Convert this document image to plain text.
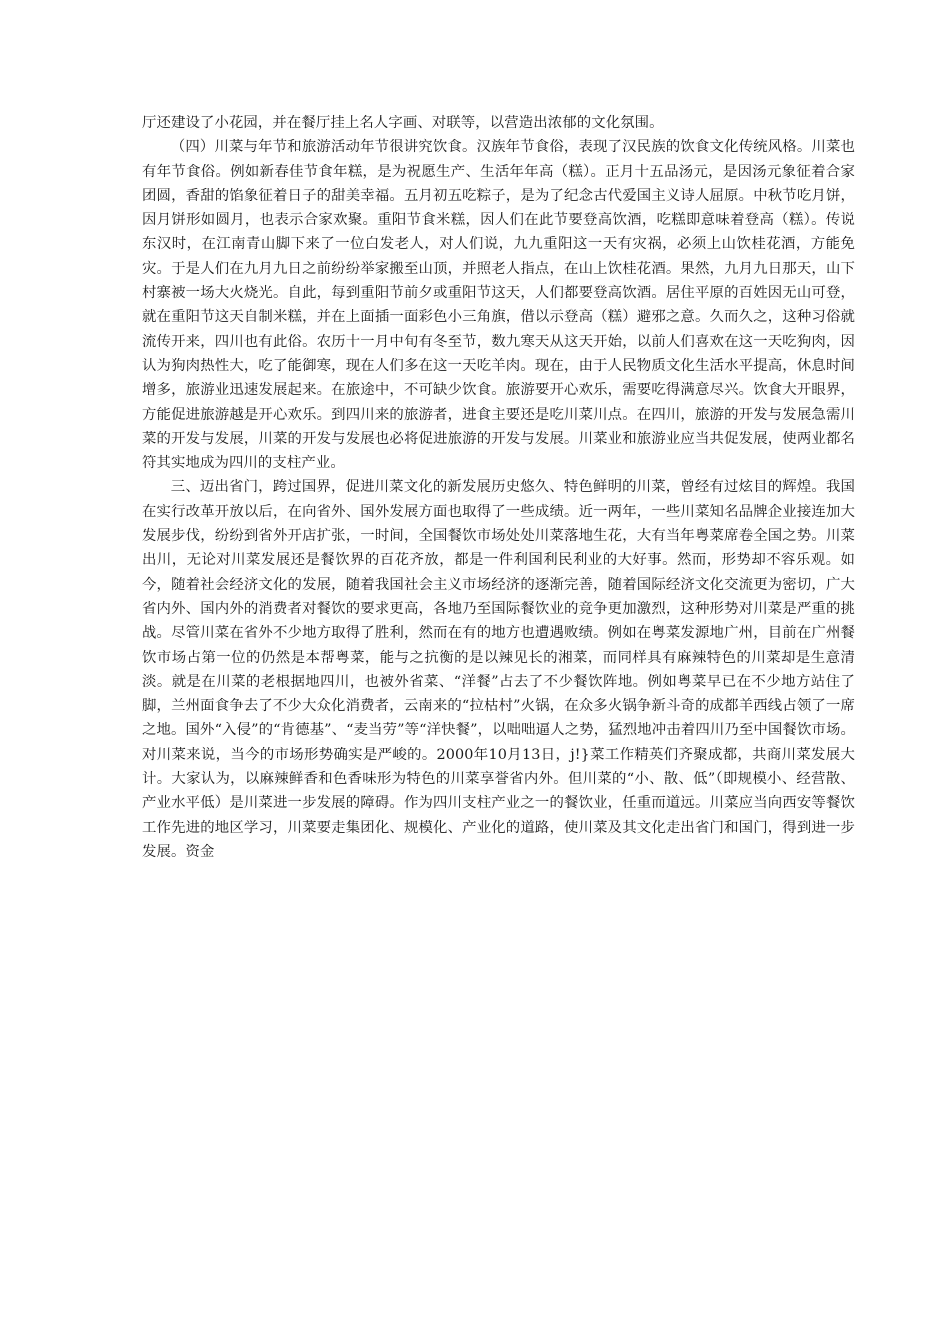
厅还建设了小花园，并在餐厅挂上名人字画、对联等，以营造出浓郁的文化氛围。

（四）川菜与年节和旅游活动年节很讲究饮食。汉族年节食俗，表现了汉民族的饮食文化传统风格。川菜也有年节食俗。例如新春佳节食年糕，是为祝愿生产、生活年年高（糕）。正月十五品汤元，是因汤元象征着合家团圆，香甜的馅象征着日子的甜美幸福。五月初五吃粽子，是为了纪念古代爱国主义诗人屈原。中秋节吃月饼，因月饼形如圆月，也表示合家欢聚。重阳节食米糕，因人们在此节要登高饮酒，吃糕即意味着登高（糕）。传说东汉时，在江南青山脚下来了一位白发老人，对人们说，九九重阳这一天有灾祸，必须上山饮桂花酒，方能免灾。于是人们在九月九日之前纷纷举家搬至山顶，并照老人指点，在山上饮桂花酒。果然，九月九日那天，山下村寨被一场大火烧光。自此，每到重阳节前夕或重阳节这天，人们都要登高饮酒。居住平原的百姓因无山可登，就在重阳节这天自制米糕，并在上面插一面彩色小三角旗，借以示登高（糕）避邪之意。久而久之，这种习俗就流传开来，四川也有此俗。农历十一月中旬有冬至节，数九寒天从这天开始，以前人们喜欢在这一天吃狗肉，因认为狗肉热性大，吃了能御寒，现在人们多在这一天吃羊肉。现在，由于人民物质文化生活水平提高，休息时间增多，旅游业迅速发展起来。在旅途中，不可缺少饮食。旅游要开心欢乐，需要吃得满意尽兴。饮食大开眼界，方能促进旅游越是开心欢乐。到四川来的旅游者，进食主要还是吃川菜川点。在四川，旅游的开发与发展急需川菜的开发与发展，川菜的开发与发展也必将促进旅游的开发与发展。川菜业和旅游业应当共促发展，使两业都名符其实地成为四川的支柱产业。

三、迈出省门，跨过国界，促进川菜文化的新发展历史悠久、特色鲜明的川菜，曾经有过炫目的辉煌。我国在实行改革开放以后，在向省外、国外发展方面也取得了一些成绩。近一两年，一些川菜知名品牌企业接连加大发展步伐，纷纷到省外开店扩张，一时间，全国餐饮市场处处川菜落地生花，大有当年粤菜席卷全国之势。川菜出川，无论对川菜发展还是餐饮界的百花齐放，都是一件利国利民利业的大好事。然而，形势却不容乐观。如今，随着社会经济文化的发展，随着我国社会主义市场经济的逐渐完善，随着国际经济文化交流更为密切，广大省内外、国内外的消费者对餐饮的要求更高，各地乃至国际餐饮业的竞争更加激烈，这种形势对川菜是严重的挑战。尽管川菜在省外不少地方取得了胜利，然而在有的地方也遭遇败绩。例如在粤菜发源地广州，目前在广州餐饮市场占第一位的仍然是本帮粤菜，能与之抗衡的是以辣见长的湘菜，而同样具有麻辣特色的川菜却是生意清淡。就是在川菜的老根据地四川，也被外省菜、“洋餐”占去了不少餐饮阵地。例如粤菜早已在不少地方站住了脚，兰州面食争去了不少大众化消费者，云南来的“拉枯村”火锅，在众多火锅争新斗奇的成都羊西线占领了一席之地。国外“入侵”的“肯德基”、“麦当劳”等“洋快餐”，以咄咄逼人之势，猛烈地冲击着四川乃至中国餐饮市场。对川菜来说，当今的市场形势确实是严峻的。2000年10月13日，j!}菜工作精英们齐聚成都，共商川菜发展大计。大家认为，以麻辣鲜香和色香味形为特色的川菜享誉省内外。但川菜的“小、散、低”（即规模小、经营散、产业水平低）是川菜进一步发展的障碍。作为四川支柱产业之一的餐饮业，任重而道远。川菜应当向西安等餐饮工作先进的地区学习，川菜要走集团化、规模化、产业化的道路，使川菜及其文化走出省门和国门，得到进一步发展。资金
